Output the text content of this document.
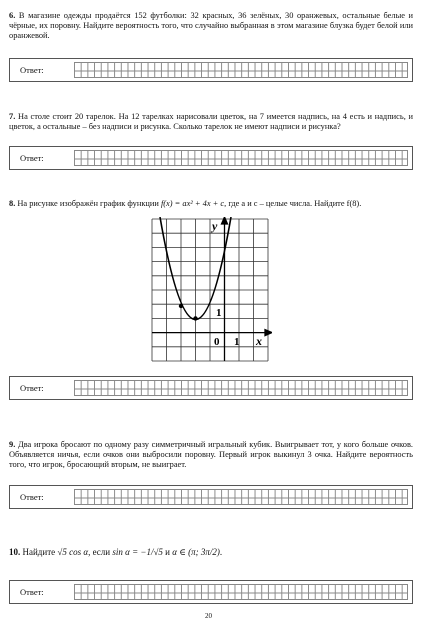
6. В магазине одежды продаётся 152 футболки: 32 красных, 36 зелёных, 30 оранжевых, остальные белые и чёрные, их поровну. Найдите вероятность того, что случайно выбранная в этом магазине блузка будет белой или оранжевой.
Ответ:
7. На столе стоит 20 тарелок. На 12 тарелках нарисовали цветок, на 7 имеется надпись, на 4 есть и надпись, и цветок, а остальные – без надписи и рисунка. Сколько тарелок не имеют надписи и рисунка?
Ответ:
8. На рисунке изображён график функции f(x) = ax² + 4x + c, где a и c – целые числа. Найдите f(8).
y
x
0 1
1
Ответ:
9. Два игрока бросают по одному разу симметричный игральный кубик. Выигрывает тот, у кого больше очков. Объявляется ничья, если очков они выбросили поровну. Первый игрок выкинул 3 очка. Найдите вероятность того, что игрок, бросающий вторым, не выиграет.
Ответ:
10. Найдите √5 cos α, если sin α = −1/√5 и α ∈ (π; 3π/2).
Ответ:
20
